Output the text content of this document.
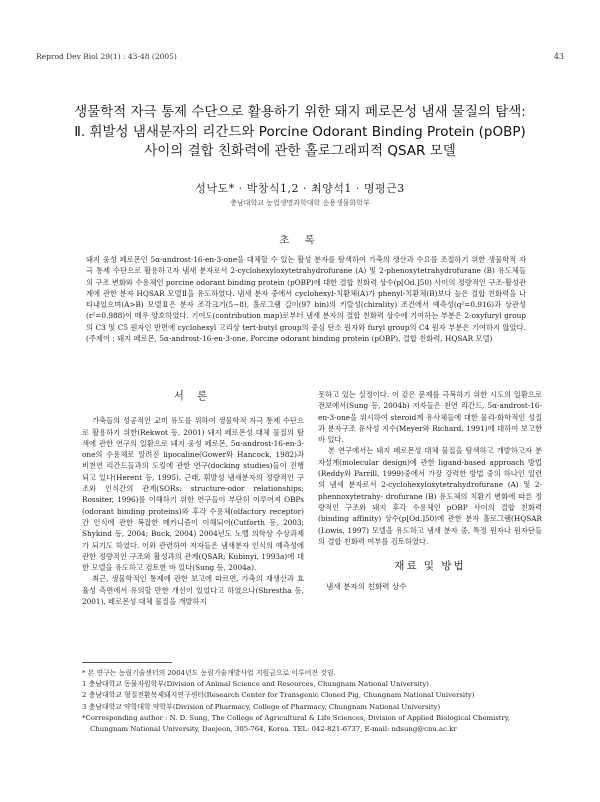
Reprod Dev Biol 29(1) : 43-48 (2005)	43
생물학적 자극 통제 수단으로 활용하기 위한 돼지 페로몬성 냄새 물질의 탐색:
Ⅱ. 휘발성 냄새분자의 리간드와 Porcine Odorant Binding Protein (pOBP)
사이의 결합 친화력에 관한 홀로그래피적 QSAR 모델
성낙도* · 박창식1,2 · 최양석1 · 명평근3
충남대학교 농업생명과학대학 응용생물화학부
초 록
돼지 웅성 페로몬인 5α-androst-16-en-3-one을 대체할 수 있는 활성 분자를 탐색하여 가축의 생산과 수요를 조절하기 위한 생물학적 자극 통제 수단으로 활용하고자 냄새 분자로서 2-cyclohexyloxytetrahydrofurane (A) 및 2-phenoxytetrahydrofurane (B) 유도체들의 구조 변화와 수용체인 porcine odorant binding protein (pOBP)에 대한 결합 친화력 상수(p[Od.]50) 사이의 정량적인 구조-활성관계에 관한 분자 HQSAR 모델Ⅱ을 유도하였다. 냄새 분자 중에서 cyclohexyl-치환체(A)가 phenyl-치환체(B)보다 높은 결합 친화력을 나타내었으며(A>B) 모델Ⅱ은 분자 조각크기(5∼8), 홀로그램 길이(97 bin)의 키랄성(chirality) 조건에서 예측성(q²=0.916)과 상관성(r²=0.988)이 매우 양호하였다. 기여도(contribution map)로부터 냄새 분자의 결합 친화력 상수에 기여하는 부분은 2-oxyfuryl group의 C3 및 C5 원자인 반면에 cyclohexyl 고리상 tert-butyl group의 중심 탄소 원자와 furyl group의 C4 원자 부분은 기여하지 않았다. (주제어 : 돼지 페로몬, 5α-androst-16-en-3-one, Porcine odorant binding protein (pOBP), 결합 친화력, HQSAR 모델)
서 론

가축들의 성공적인 교미 유도를 위하여 생물학적 자극 통제 수단으로 활용하기 위한(Rekwot 등, 2001) 돼지 페로몬성 대체 물질의 탐색에 관한 연구의 일환으로 돼지 웅성 페로몬, 5α-androst-16-en-3-one의 수용체로 알려진 lipocaline(Gower와 Hancock, 1982)과 비천연 리간드들과의 도킹에 관한 연구(docking studies)들이 진행되고 있다(Herent 등, 1995). 근래, 휘발성 냄새분자의 정량적인 구조와 인식간의 관계(SORs: structure-odor relationships; Rossiter, 1996)를 이해하기 위한 연구들이 부단히 이루어져 OBPs (odorant binding proteins)와 후각 수용체(olfactory receptor) 간 인식에 관한 복잡한 메카니즘이 이해되어(Cutforth 등, 2003; Shykind 등, 2004; Buck, 2004) 2004년도 노벨 의학상 수상과제가 되기도 하였다. 이와 관련하여 저자들은 냄새분자 인식의 예측성에 관한 정량적인 구조와 활성과의 관계(QSAR; Kubinyi, 1993a)에 대한 모델을 유도하고 검토한 바 있다(Sung 등, 2004a).

최근, 생물학적인 통제에 관한 보고에 따르면, 가축의 재생산과 효율성 측면에서 유의할 만한 개선이 있었다고 하였으나(Shrestha 등, 2001), 페로몬성 대체 물질을 개발하지

못하고 있는 실정이다. 이 같은 문제를 극복하기 위한 시도의 일환으로 전보에서(Sung 등, 2004b) 저자들은 천연 리간드, 5α-androst-16-en-3-one을 위시하여 steroid계 유사체들에 대한 물리-화학적인 성질과 분자구조 유사성 지수(Meyer와 Richard, 1991)에 대하여 보고한 바 있다.

본 연구에서는 돼지 페로몬성 대체 물질을 탐색하고 개발하고자 분자설계(molecular design)에 관한 ligand-based approach 방법(Reddy와 Parrill, 1999)중에서 가장 강력한 방법 중의 하나인 일련의 냄새 분자로서 2-cyclohexyloxytetrahydrofurane (A) 및 2-phennoxytetrahy- drofurane (B) 유도체의 치환기 변화에 따른 정량적인 구조와 돼지 후각 수용체인 pOBP 사이의 결합 친화력(binding affinity) 상수(p[Od.]50)에 관한 분자 홀로그램(HQSAR (Lowis, 1997) 모델을 유도하고 냄새 분자 중, 특정 원자나 원자단들의 결합 친화력 여부를 검토하였다.

재료 및 방법
냄새 분자의 친화력 상수
* 본 연구는 농림기술센터의 2004년도 농림기술개발사업 지원금으로 이루어진 것임.
1 충남대학교 동물자원학부(Division of Animal Science and Resources, Chungnam National University)
2 충남대학교 형질전환복제돼지연구센터(Research Center for Transgenic Cloned Pig, Chungnam National University)
3 충남대학교 약학대학 약학부(Division of Pharmacy, College of Pharmacy, Chungnam National University)
*Corresponding author : N. D. Sung, The College of Agricultural & Life Sciences, Division of Applied Biological Chemistry, Chungnam National University, Daejeon, 305-764, Korea. TEL: 042-821-6737, E-mail: ndsung@cnu.ac.kr
